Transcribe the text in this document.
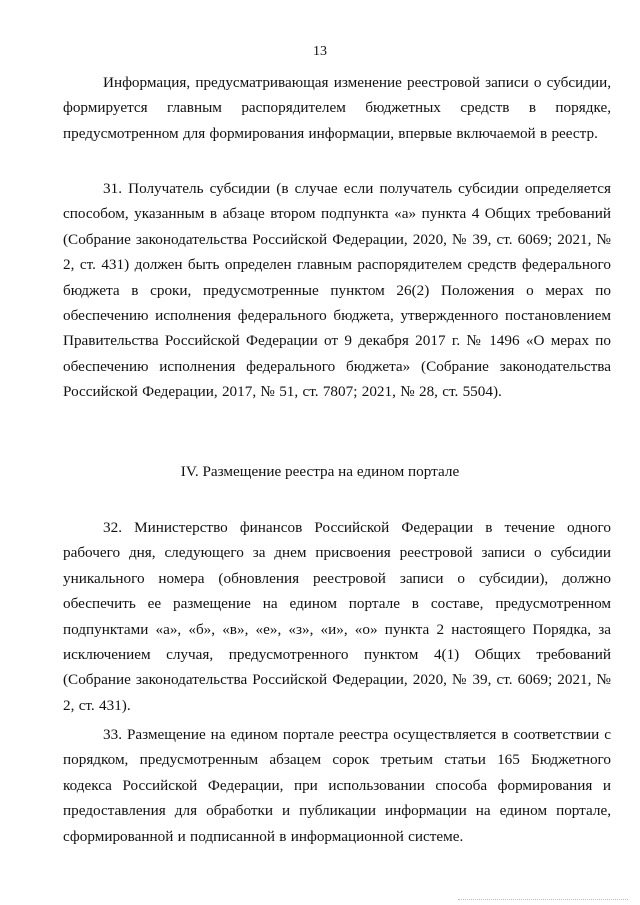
13

Информация, предусматривающая изменение реестровой записи о субсидии, формируется главным распорядителем бюджетных средств в порядке, предусмотренном для формирования информации, впервые включаемой в реестр.

31. Получатель субсидии (в случае если получатель субсидии определяется способом, указанным в абзаце втором подпункта «а» пункта 4 Общих требований (Собрание законодательства Российской Федерации, 2020, № 39, ст. 6069; 2021, № 2, ст. 431) должен быть определен главным распорядителем средств федерального бюджета в сроки, предусмотренные пунктом 26(2) Положения о мерах по обеспечению исполнения федерального бюджета, утвержденного постановлением Правительства Российской Федерации от 9 декабря 2017 г. № 1496 «О мерах по обеспечению исполнения федерального бюджета» (Собрание законодательства Российской Федерации, 2017, № 51, ст. 7807; 2021, № 28, ст. 5504).

IV. Размещение реестра на едином портале

32. Министерство финансов Российской Федерации в течение одного рабочего дня, следующего за днем присвоения реестровой записи о субсидии уникального номера (обновления реестровой записи о субсидии), должно обеспечить ее размещение на едином портале в составе, предусмотренном подпунктами «а», «б», «в», «е», «з», «и», «о» пункта 2 настоящего Порядка, за исключением случая, предусмотренного пунктом 4(1) Общих требований (Собрание законодательства Российской Федерации, 2020, № 39, ст. 6069; 2021, № 2, ст. 431).

33. Размещение на едином портале реестра осуществляется в соответствии с порядком, предусмотренным абзацем сорок третьим статьи 165 Бюджетного кодекса Российской Федерации, при использовании способа формирования и предоставления для обработки и публикации информации на едином портале, сформированной и подписанной в информационной системе.
